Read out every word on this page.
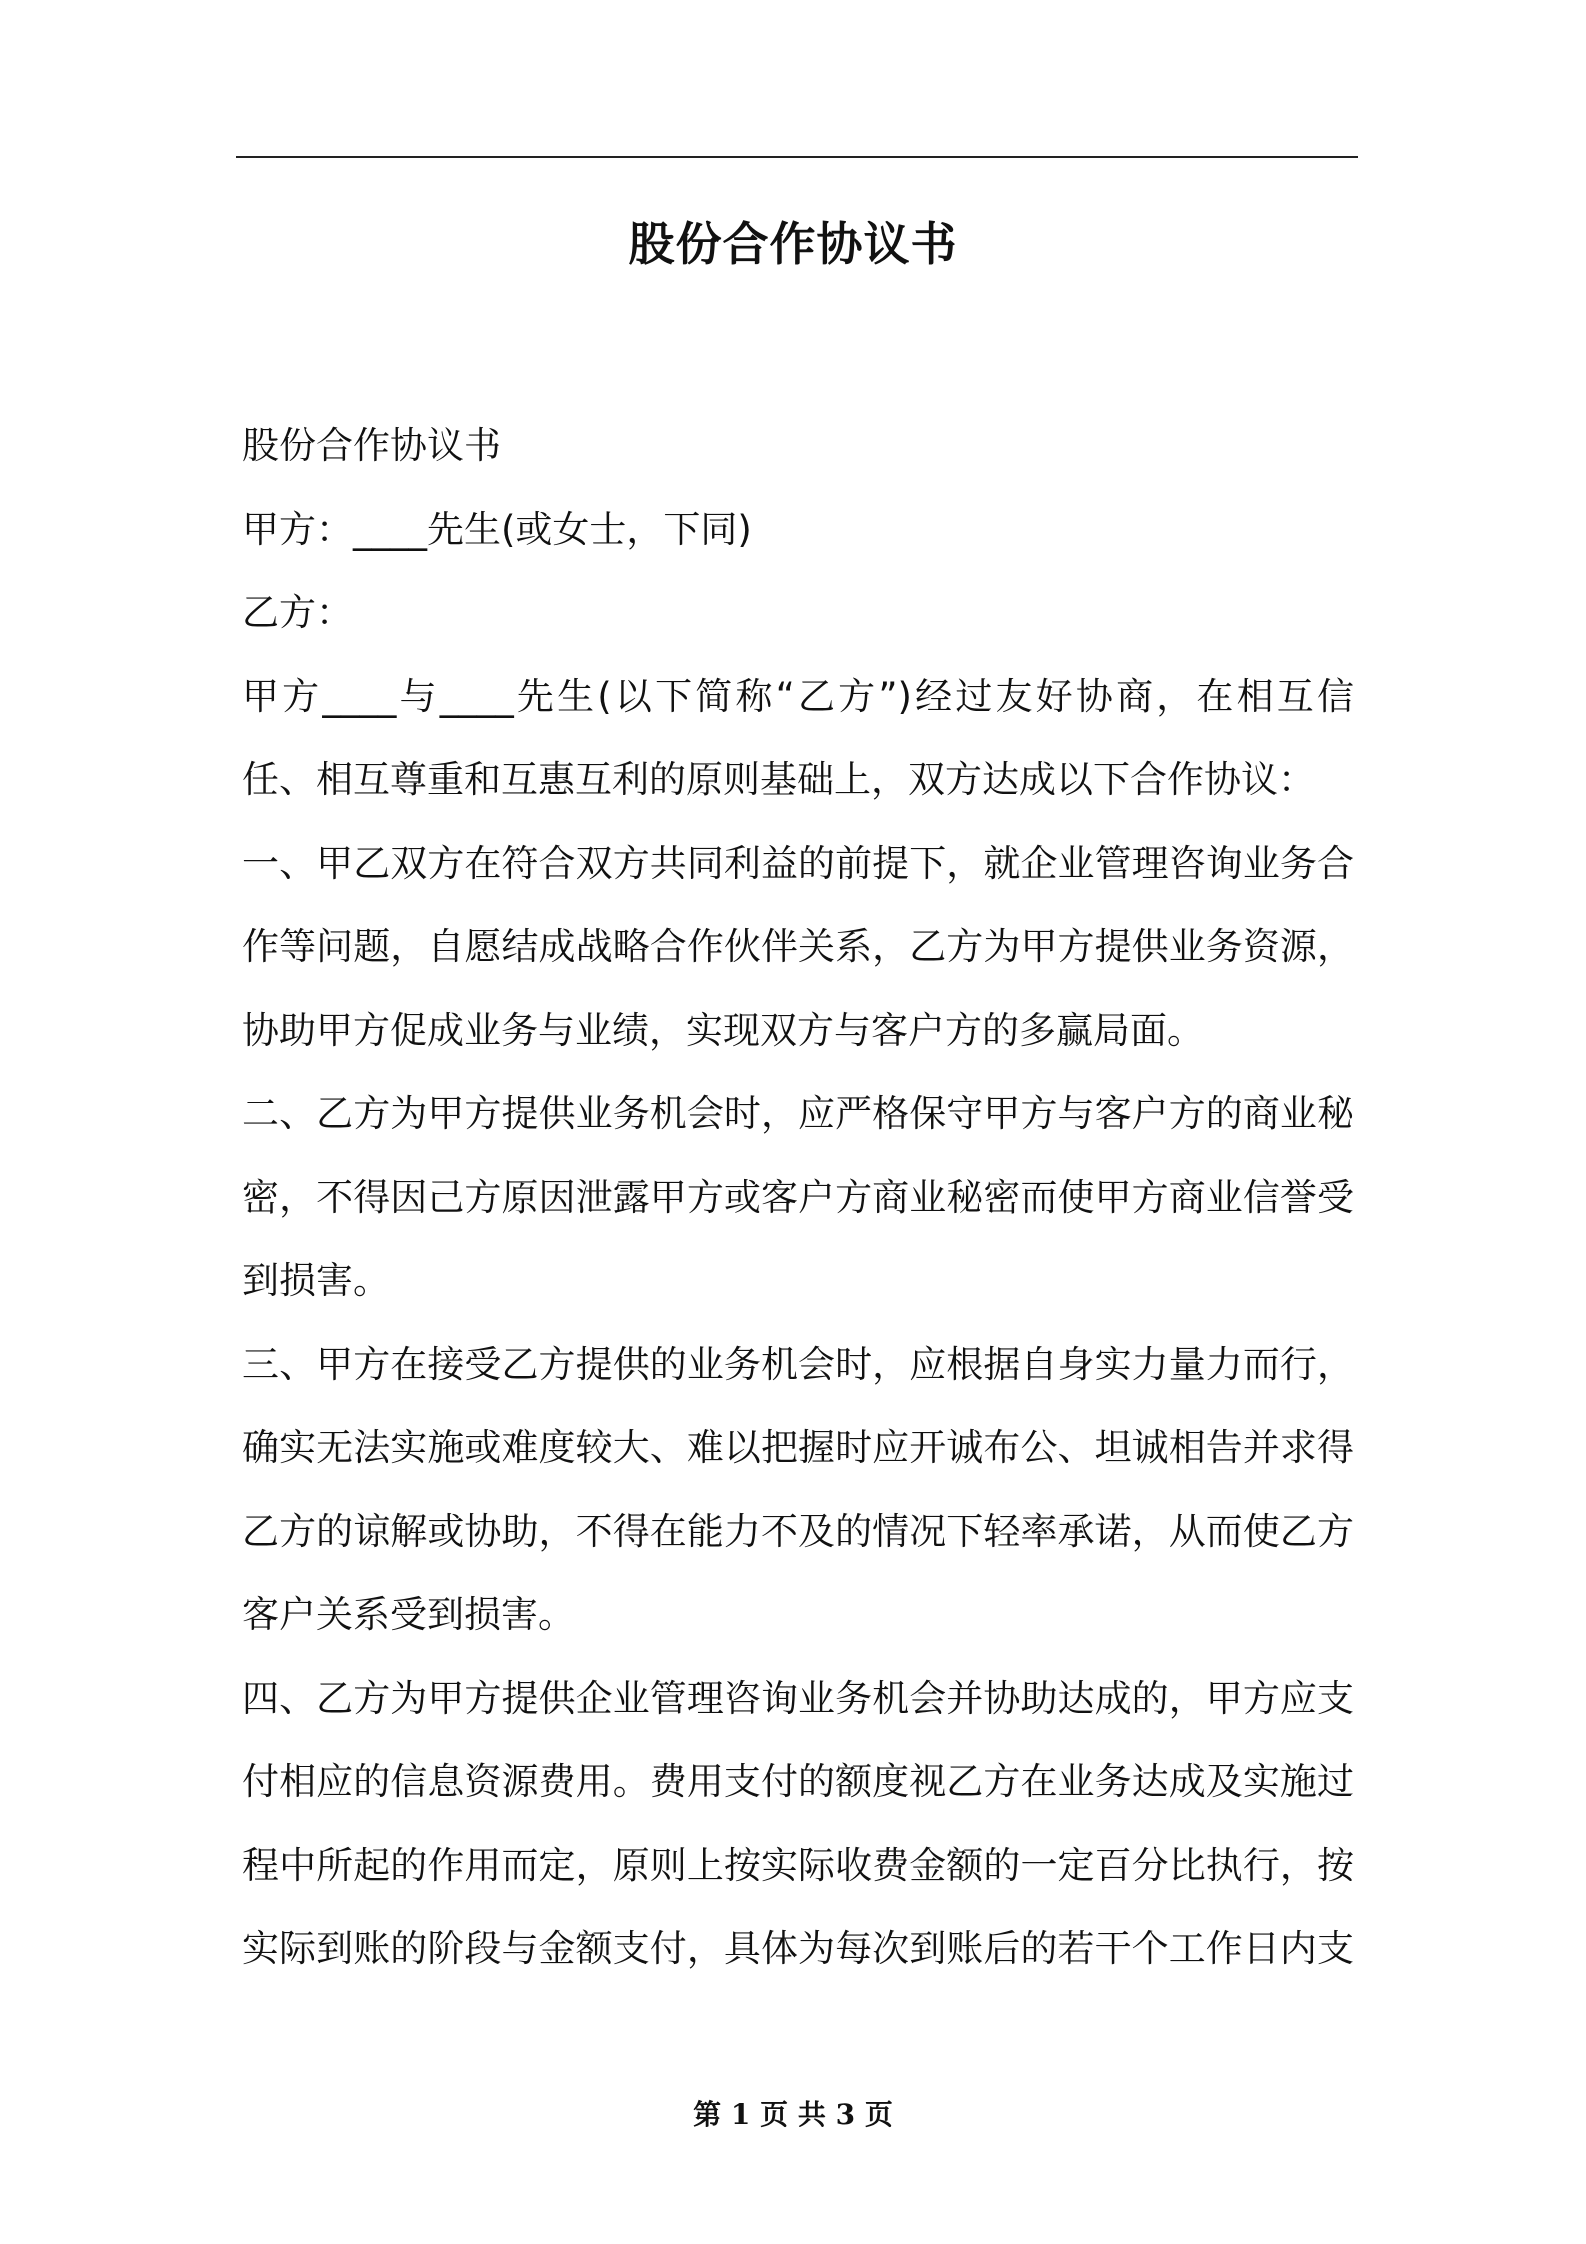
股份合作协议书
股份合作协议书
甲方：____先生(或女士，下同)
乙方：
甲方____与____先生(以下简称“乙方”)经过友好协商，在相互信
任、相互尊重和互惠互利的原则基础上，双方达成以下合作协议：
一、甲乙双方在符合双方共同利益的前提下，就企业管理咨询业务合
作等问题，自愿结成战略合作伙伴关系，乙方为甲方提供业务资源，
协助甲方促成业务与业绩，实现双方与客户方的多赢局面。
二、乙方为甲方提供业务机会时，应严格保守甲方与客户方的商业秘
密，不得因己方原因泄露甲方或客户方商业秘密而使甲方商业信誉受
到损害。
三、甲方在接受乙方提供的业务机会时，应根据自身实力量力而行，
确实无法实施或难度较大、难以把握时应开诚布公、坦诚相告并求得
乙方的谅解或协助，不得在能力不及的情况下轻率承诺，从而使乙方
客户关系受到损害。
四、乙方为甲方提供企业管理咨询业务机会并协助达成的，甲方应支
付相应的信息资源费用。费用支付的额度视乙方在业务达成及实施过
程中所起的作用而定，原则上按实际收费金额的一定百分比执行，按
实际到账的阶段与金额支付，具体为每次到账后的若干个工作日内支
第 1 页 共 3 页
